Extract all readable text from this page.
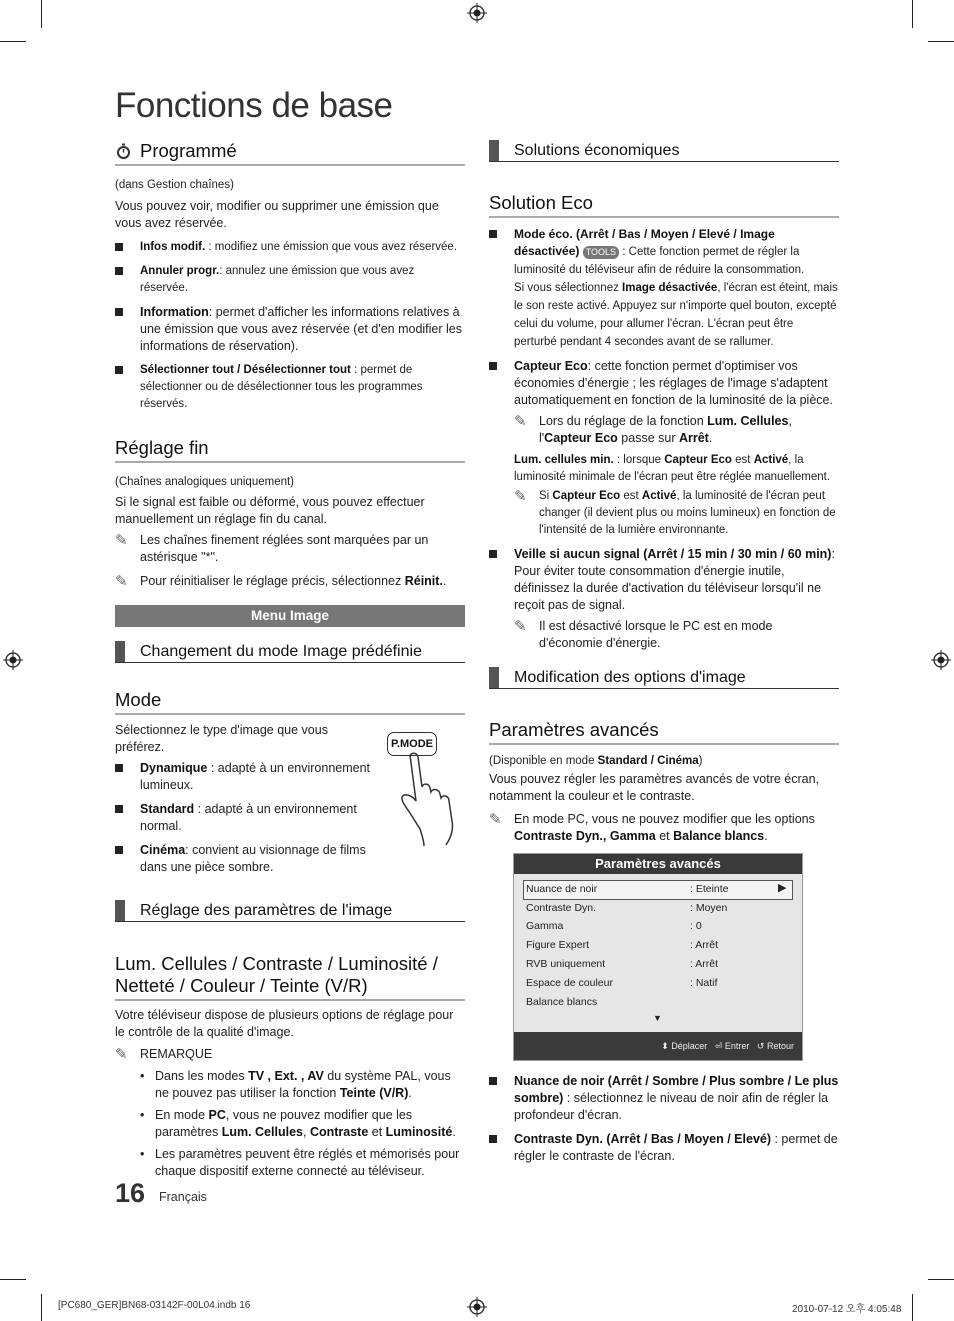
Fonctions de base
Programmé

(dans Gestion chaînes)

Vous pouvez voir, modifier ou supprimer une émission que vous avez réservée.

Infos modif. : modifiez une émission que vous avez réservée.

Annuler progr.: annulez une émission que vous avez réservée.

Information: permet d'afficher les informations relatives à une émission que vous avez réservée (et d'en modifier les informations de réservation).

Sélectionner tout / Désélectionner tout : permet de sélectionner ou de désélectionner tous les programmes réservés.

Réglage fin

(Chaînes analogiques uniquement)

Si le signal est faible ou déformé, vous pouvez effectuer manuellement un réglage fin du canal.

✎ Les chaînes finement réglées sont marquées par un astérisque "*".

✎ Pour réinitialiser le réglage précis, sélectionnez Réinit..

Menu Image
Changement du mode Image prédéfinie
Mode

Sélectionnez le type d'image que vous préférez.

Dynamique : adapté à un environnement lumineux.

Standard : adapté à un environnement normal.

Cinéma: convient au visionnage de films dans une pièce sombre.

P.MODE
Réglage des paramètres de l'image
Lum. Cellules / Contraste / Luminosité / Netteté / Couleur / Teinte (V/R)

Votre téléviseur dispose de plusieurs options de réglage pour le contrôle de la qualité d'image.

✎ REMARQUE

• Dans les modes TV , Ext. , AV du système PAL, vous ne pouvez pas utiliser la fonction Teinte (V/R).

• En mode PC, vous ne pouvez modifier que les paramètres Lum. Cellules, Contraste et Luminosité.

• Les paramètres peuvent être réglés et mémorisés pour chaque dispositif externe connecté au téléviseur.

Solutions économiques
Solution Eco

Mode éco. (Arrêt / Bas / Moyen / Elevé / Image désactivée) TOOLS : Cette fonction permet de régler la luminosité du téléviseur afin de réduire la consommation.
Si vous sélectionnez Image désactivée, l'écran est éteint, mais le son reste activé. Appuyez sur n'importe quel bouton, excepté celui du volume, pour allumer l'écran. L'écran peut être perturbé pendant 4 secondes avant de se rallumer.

Capteur Eco: cette fonction permet d'optimiser vos économies d'énergie ; les réglages de l'image s'adaptent automatiquement en fonction de la luminosité de la pièce.

✎ Lors du réglage de la fonction Lum. Cellules, l'Capteur Eco passe sur Arrêt.

Lum. cellules min. : lorsque Capteur Eco est Activé, la luminosité minimale de l'écran peut être réglée manuellement.

✎ Si Capteur Eco est Activé, la luminosité de l'écran peut changer (il devient plus ou moins lumineux) en fonction de l'intensité de la lumière environnante.

Veille si aucun signal (Arrêt / 15 min / 30 min / 60 min): Pour éviter toute consommation d'énergie inutile, définissez la durée d'activation du téléviseur lorsqu'il ne reçoit pas de signal.

✎ Il est désactivé lorsque le PC est en mode d'économie d'énergie.

Modification des options d'image
Paramètres avancés

(Disponible en mode Standard / Cinéma)

Vous pouvez régler les paramètres avancés de votre écran, notamment la couleur et le contraste.

✎ En mode PC, vous ne pouvez modifier que les options Contraste Dyn., Gamma et Balance blancs.

Paramètres avancés
Nuance de noir	: Eteinte	▶
Contraste Dyn.	: Moyen
Gamma	: 0
Figure Expert	: Arrêt
RVB uniquement	: Arrêt
Espace de couleur	: Natif
Balance blancs
▼
⬍ Déplacer ⏎ Entrer ↺ Retour

Nuance de noir (Arrêt / Sombre / Plus sombre / Le plus sombre) : sélectionnez le niveau de noir afin de régler la profondeur d'écran.

Contraste Dyn. (Arrêt / Bas / Moyen / Elevé) : permet de régler le contraste de l'écran.

16 Français
[PC680_GER]BN68-03142F-00L04.indb 16	2010-07-12 오후 4:05:48
